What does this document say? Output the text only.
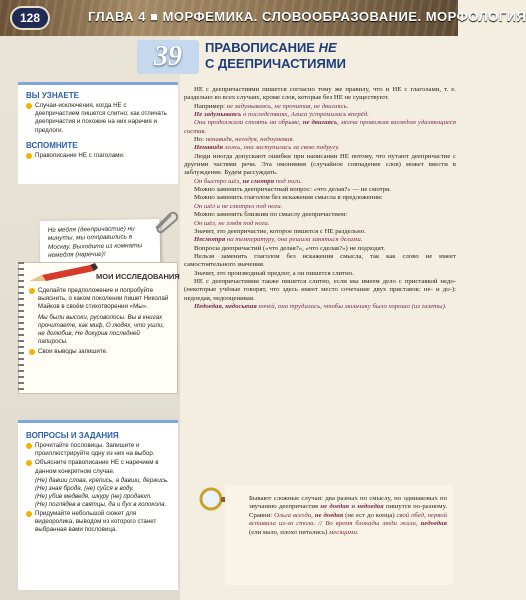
128	ГЛАВА 4 ■ МОРФЕМИКА. СЛОВООБРАЗОВАНИЕ. МОРФОЛОГИЯ
ВЫ УЗНАЕТЕ
Случаи-исключения, когда НЕ с деепричастием пишется слитно; как отличать деепричастия и похожие на них наречия и предлоги.
ВСПОМНИТЕ
Правописание НЕ с глаголами.
Не медля (деепричастие) ни минуты, мы отправились в Москву. Выходите из комнаты немедля (наречие)!
Сделайте предположение и попробуйте выяснить, о каком поколении пишет Николай Майков в своём стихотворении «Мы».
Мы были высоки, русоволосы. Вы в книгах прочитаете, как миф, О людях, что ушли, не долюбив, Не докурив последней папиросы.
Свои выводы запишите.
МОИ ИССЛЕДОВАНИЯ
ВОПРОСЫ И ЗАДАНИЯ
Прочитайте пословицы. Запишите и проиллюстрируйте одну из них на выбор.
Объясните правописание НЕ с наречием в данном конкретном случае.
(Не) давши слова, крепись, а давши, держись.
(Не) зная брода, (не) суйся в воду.
(Не) убив медведя, шкуру (не) продают.
(Не) поглядев в святцы, да и бух в колокола.
Придумайте небольшой сюжет для видеоролика, выводом из которого станет выбранная вами пословица.
39	ПРАВОПИСАНИЕ НЕ
С ДЕЕПРИЧАСТИЯМИ

НЕ с деепричастиями пишется согласно тому же правилу, что и НЕ с глаголами, т. е. раздельно во всех случаях, кроме слов, которые без НЕ не существуют.

Например: не задумываясь, не прочитав, не двигаясь.

Не задумываясь о последствиях, Алиса устремилась вперёд.

Они продолжали стоять на обрыве, не двигаясь, молча провожая взглядом удаляющиеся состав.

Но: ненавидя, негодуя, недоумевая.

Ненавидя ложь, она заступилась за свою подругу.

Люди иногда допускают ошибки при написании НЕ потому, что путают деепричастие с другими частями речи. Эта омонимия (случайное совпадение слов) может ввести в заблуждение. Будем рассуждать.

Он быстро шёл, не смотря под ноги.

Можно заменить деепричастный вопрос: «что делая?» — не смотря.

Можно заменить глаголом без искажения смысла в предложении:

Он шёл и не смотрел под ноги.

Можно заменить близким по смыслу деепричастием:

Он шёл, не глядя под ноги.

Значит, это деепричастие, которое пишется с НЕ раздельно.

Несмотря на температуру, она решила заняться делами.

Вопросы деепричастий («что делая?», «что сделав?») не подходят.

Нельзя заменить глаголом без искажения смысла, так как слово не имеет самостоятельного значения.

Значит, это производный предлог, а он пишется слитно.

НЕ с деепричастиями также пишется слитно, если мы имеем дело с приставкой недо- (некоторые учёные говорят, что здесь имеет место сочетание двух приставок: не- и до-): недоедая, недооценивая.

Недоедая, недосыпая ночей, она трудилась, чтобы мальчику было хорошо (из газеты).

Бывают сложные случаи: два разных по смыслу, но одинаковых по звучанию деепричастия не доедая и недоедая пишутся по-разному. Сравни: Ольга всегда, не доедая (не ест до конца) свой обед, первой вставала из-за стола. // Во время блокады люди жили, недоедая (ели мало, плохо питались) месяцами.
